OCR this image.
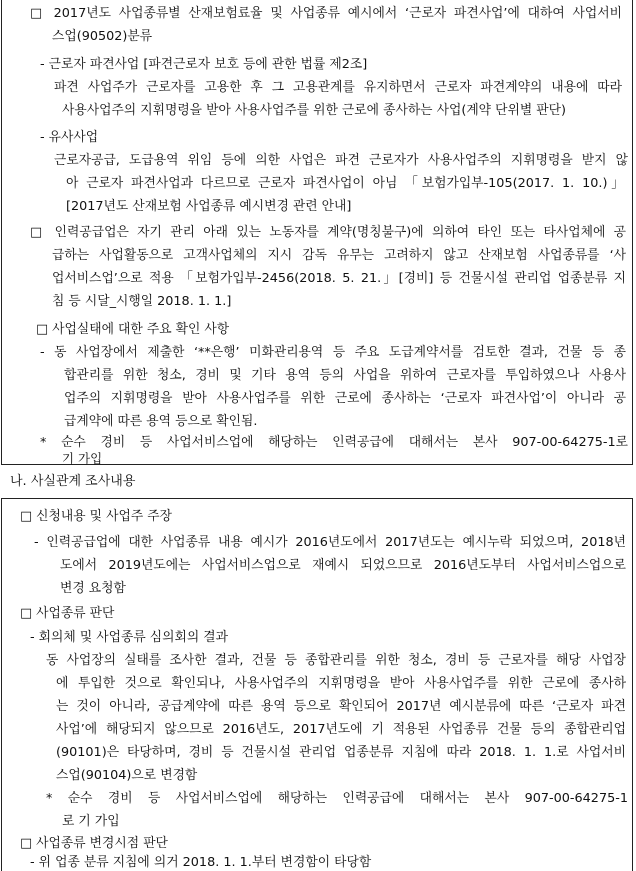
□ 2017년도 사업종류별 산재보험료율 및 사업종류 예시에서 ‘근로자 파견사업’에 대하여 사업서비
스업(90502)분류
- 근로자 파견사업 [파견근로자 보호 등에 관한 법률 제2조]
파견 사업주가 근로자를 고용한 후 그 고용관계를 유지하면서 근로자 파견계약의 내용에 따라
사용사업주의 지휘명령을 받아 사용사업주를 위한 근로에 종사하는 사업(계약 단위별 판단)
- 유사사업
근로자공급, 도급용역 위임 등에 의한 사업은 파견 근로자가 사용사업주의 지휘명령을 받지 않
아 근로자 파견사업과 다르므로 근로자 파견사업이 아님 「보험가입부-105(2017. 1. 10.)」
[2017년도 산재보험 사업종류 예시변경 관련 안내]
□ 인력공급업은 자기 관리 아래 있는 노동자를 계약(명칭불구)에 의하여 타인 또는 타사업체에 공
급하는 사업활동으로 고객사업체의 지시 감독 유무는 고려하지 않고 산재보험 사업종류를 ‘사
업서비스업’으로 적용 「보험가입부-2456(2018. 5. 21.」[경비] 등 건물시설 관리업 업종분류 지
침 등 시달_시행일 2018. 1. 1.]
□ 사업실태에 대한 주요 확인 사항
- 동 사업장에서 제출한 ‘**은행’ 미화관리용역 등 주요 도급계약서를 검토한 결과, 건물 등 종
합관리를 위한 청소, 경비 및 기타 용역 등의 사업을 위하여 근로자를 투입하였으나 사용사
업주의 지휘명령을 받아 사용사업주를 위한 근로에 종사하는 ‘근로자 파견사업’이 아니라 공
급계약에 따른 용역 등으로 확인됨.
* 순수 경비 등 사업서비스업에 해당하는 인력공급에 대해서는 본사 907-00-64275-1로
기 가입
나. 사실관계 조사내용
□ 신청내용 및 사업주 주장
- 인력공급업에 대한 사업종류 내용 예시가 2016년도에서 2017년도는 예시누락 되었으며, 2018년
도에서 2019년도에는 사업서비스업으로 재예시 되었으므로 2016년도부터 사업서비스업으로
변경 요청함
□ 사업종류 판단
- 회의체 및 사업종류 심의회의 결과
동 사업장의 실태를 조사한 결과, 건물 등 종합관리를 위한 청소, 경비 등 근로자를 해당 사업장
에 투입한 것으로 확인되나, 사용사업주의 지휘명령을 받아 사용사업주를 위한 근로에 종사하
는 것이 아니라, 공급계약에 따른 용역 등으로 확인되어 2017년 예시분류에 따른 ‘근로자 파견
사업’에 해당되지 않으므로 2016년도, 2017년도에 기 적용된 사업종류 건물 등의 종합관리업
(90101)은 타당하며, 경비 등 건물시설 관리업 업종분류 지침에 따라 2018. 1. 1.로 사업서비
스업(90104)으로 변경함
* 순수 경비 등 사업서비스업에 해당하는 인력공급에 대해서는 본사 907-00-64275-1
로 기 가입
□ 사업종류 변경시점 판단
- 위 업종 분류 지침에 의거 2018. 1. 1.부터 변경함이 타당함
